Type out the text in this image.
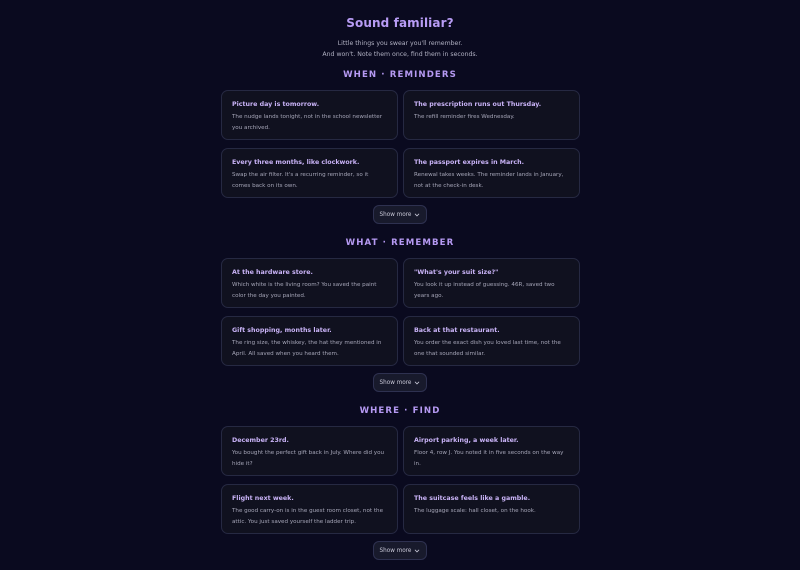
Sound familiar?
Little things you swear you'll remember.
And won't. Note them once, find them in seconds.
WHEN · REMINDERS
Picture day is tomorrow.
The nudge lands tonight, not in the school newsletter you archived.
The prescription runs out Thursday.
The refill reminder fires Wednesday.
Every three months, like clockwork.
Swap the air filter. It's a recurring reminder, so it comes back on its own.
The passport expires in March.
Renewal takes weeks. The reminder lands in January, not at the check-in desk.
Show more
WHAT · REMEMBER
At the hardware store.
Which white is the living room? You saved the paint color the day you painted.
"What's your suit size?"
You look it up instead of guessing. 46R, saved two years ago.
Gift shopping, months later.
The ring size, the whiskey, the hat they mentioned in April. All saved when you heard them.
Back at that restaurant.
You order the exact dish you loved last time, not the one that sounded similar.
Show more
WHERE · FIND
December 23rd.
You bought the perfect gift back in July. Where did you hide it?
Airport parking, a week later.
Floor 4, row J. You noted it in five seconds on the way in.
Flight next week.
The good carry-on is in the guest room closet, not the attic. You just saved yourself the ladder trip.
The suitcase feels like a gamble.
The luggage scale: hall closet, on the hook.
Show more
